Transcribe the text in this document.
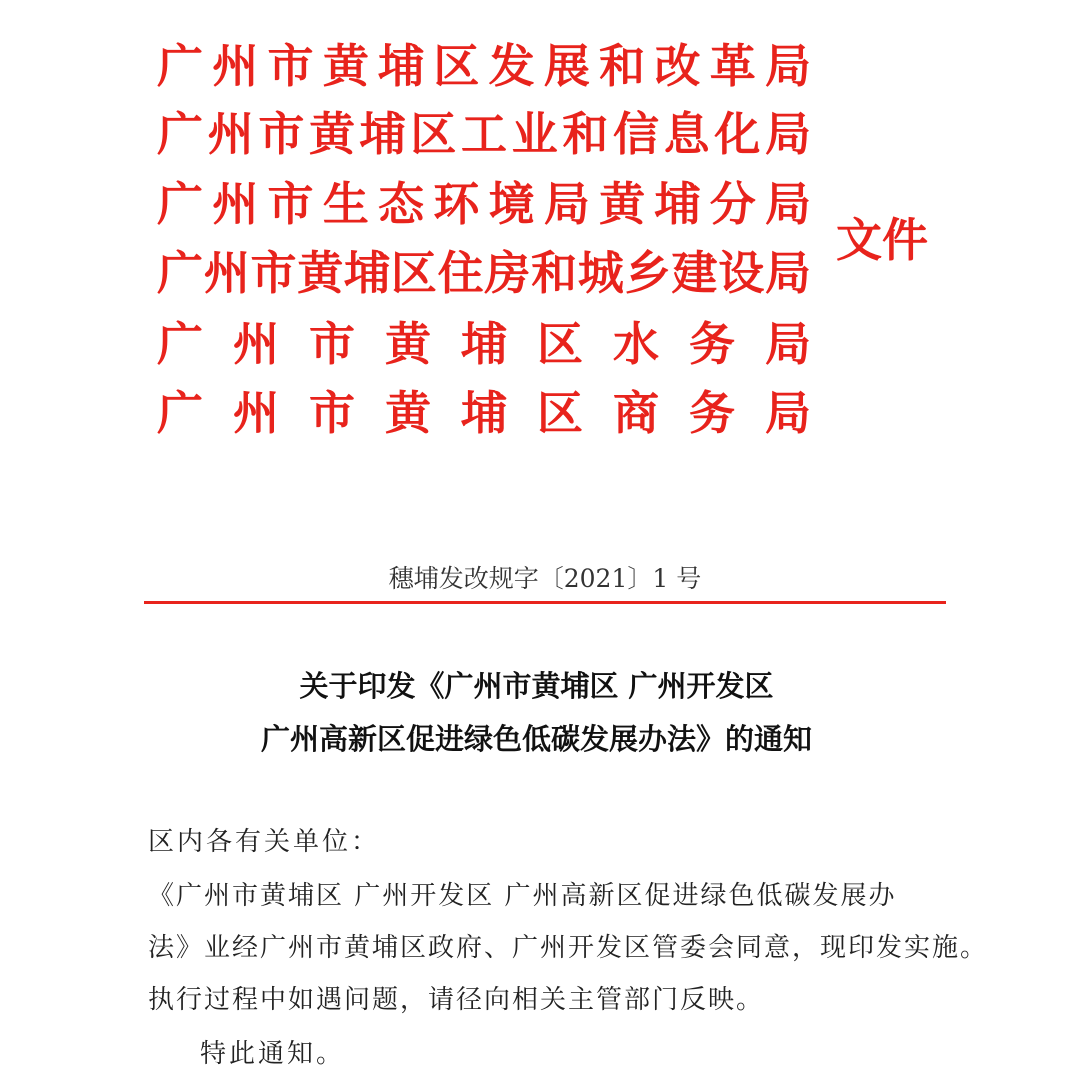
广 州 市 黄 埔 区 发 展 和 改 革 局
广 州 市 黄 埔 区 工 业 和 信 息 化 局
广 州 市 生 态 环 境 局 黄 埔 分 局
广 州 市 黄 埔 区 住 房 和 城 乡 建 设 局
广 州 市 黄 埔 区 水 务 局
广 州 市 黄 埔 区 商 务 局
文件
穗埔发改规字〔2021〕1 号
关于印发《广州市黄埔区 广州开发区
广州高新区促进绿色低碳发展办法》的通知
区内各有关单位：
《广州市黄埔区 广州开发区 广州高新区促进绿色低碳发展办
法》业经广州市黄埔区政府、广州开发区管委会同意，现印发实施。
执行过程中如遇问题，请径向相关主管部门反映。
特此通知。
